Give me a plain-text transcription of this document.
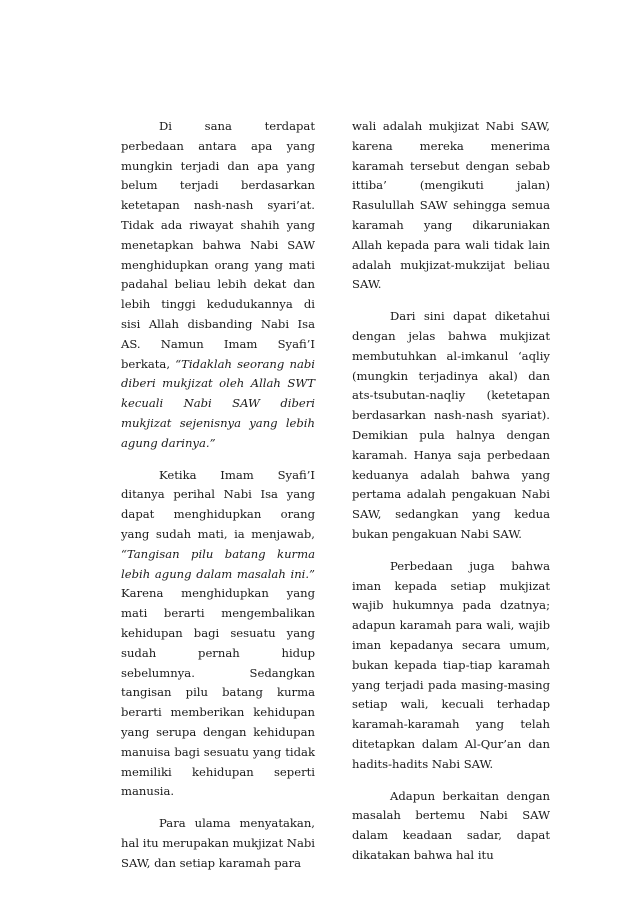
Di sana terdapat perbedaan antara apa yang mungkin terjadi dan apa yang belum terjadi berdasarkan ketetapan nash-nash syari’at. Tidak ada riwayat shahih yang menetapkan bahwa Nabi SAW menghidupkan orang yang mati padahal beliau lebih dekat dan lebih tinggi kedudukannya di sisi Allah disbanding Nabi Isa AS. Namun Imam Syafi’I berkata, “Tidaklah seorang nabi diberi mukjizat oleh Allah SWT kecuali Nabi SAW diberi mukjizat sejenisnya yang lebih agung darinya.”

Ketika Imam Syafi’I ditanya perihal Nabi Isa yang dapat menghidupkan orang yang sudah mati, ia menjawab, “Tangisan pilu batang kurma lebih agung dalam masalah ini.” Karena menghidupkan yang mati berarti mengembalikan kehidupan bagi sesuatu yang sudah pernah hidup sebelumnya. Sedangkan tangisan pilu batang kurma berarti memberikan kehidupan yang serupa dengan kehidupan manuisa bagi sesuatu yang tidak memiliki kehidupan seperti manusia.

Para ulama menyatakan, hal itu merupakan mukjizat Nabi SAW, dan setiap karamah para

wali adalah mukjizat Nabi SAW, karena mereka menerima karamah tersebut dengan sebab ittiba’ (mengikuti jalan) Rasulullah SAW sehingga semua karamah yang dikaruniakan Allah kepada para wali tidak lain adalah mukjizat-mukzijat beliau SAW.

Dari sini dapat diketahui dengan jelas bahwa mukjizat membutuhkan al-imkanul ‘aqliy (mungkin terjadinya akal) dan ats-tsubutan-naqliy (ketetapan berdasarkan nash-nash syariat). Demikian pula halnya dengan karamah. Hanya saja perbedaan keduanya adalah bahwa yang pertama adalah pengakuan Nabi SAW, sedangkan yang kedua bukan pengakuan Nabi SAW.

Perbedaan juga bahwa iman kepada setiap mukjizat wajib hukumnya pada dzatnya; adapun karamah para wali, wajib iman kepadanya secara umum, bukan kepada tiap-tiap karamah yang terjadi pada masing-masing setiap wali, kecuali terhadap karamah-karamah yang telah ditetapkan dalam Al-Qur’an dan hadits-hadits Nabi SAW.

Adapun berkaitan dengan masalah bertemu Nabi SAW dalam keadaan sadar, dapat dikatakan bahwa hal itu
